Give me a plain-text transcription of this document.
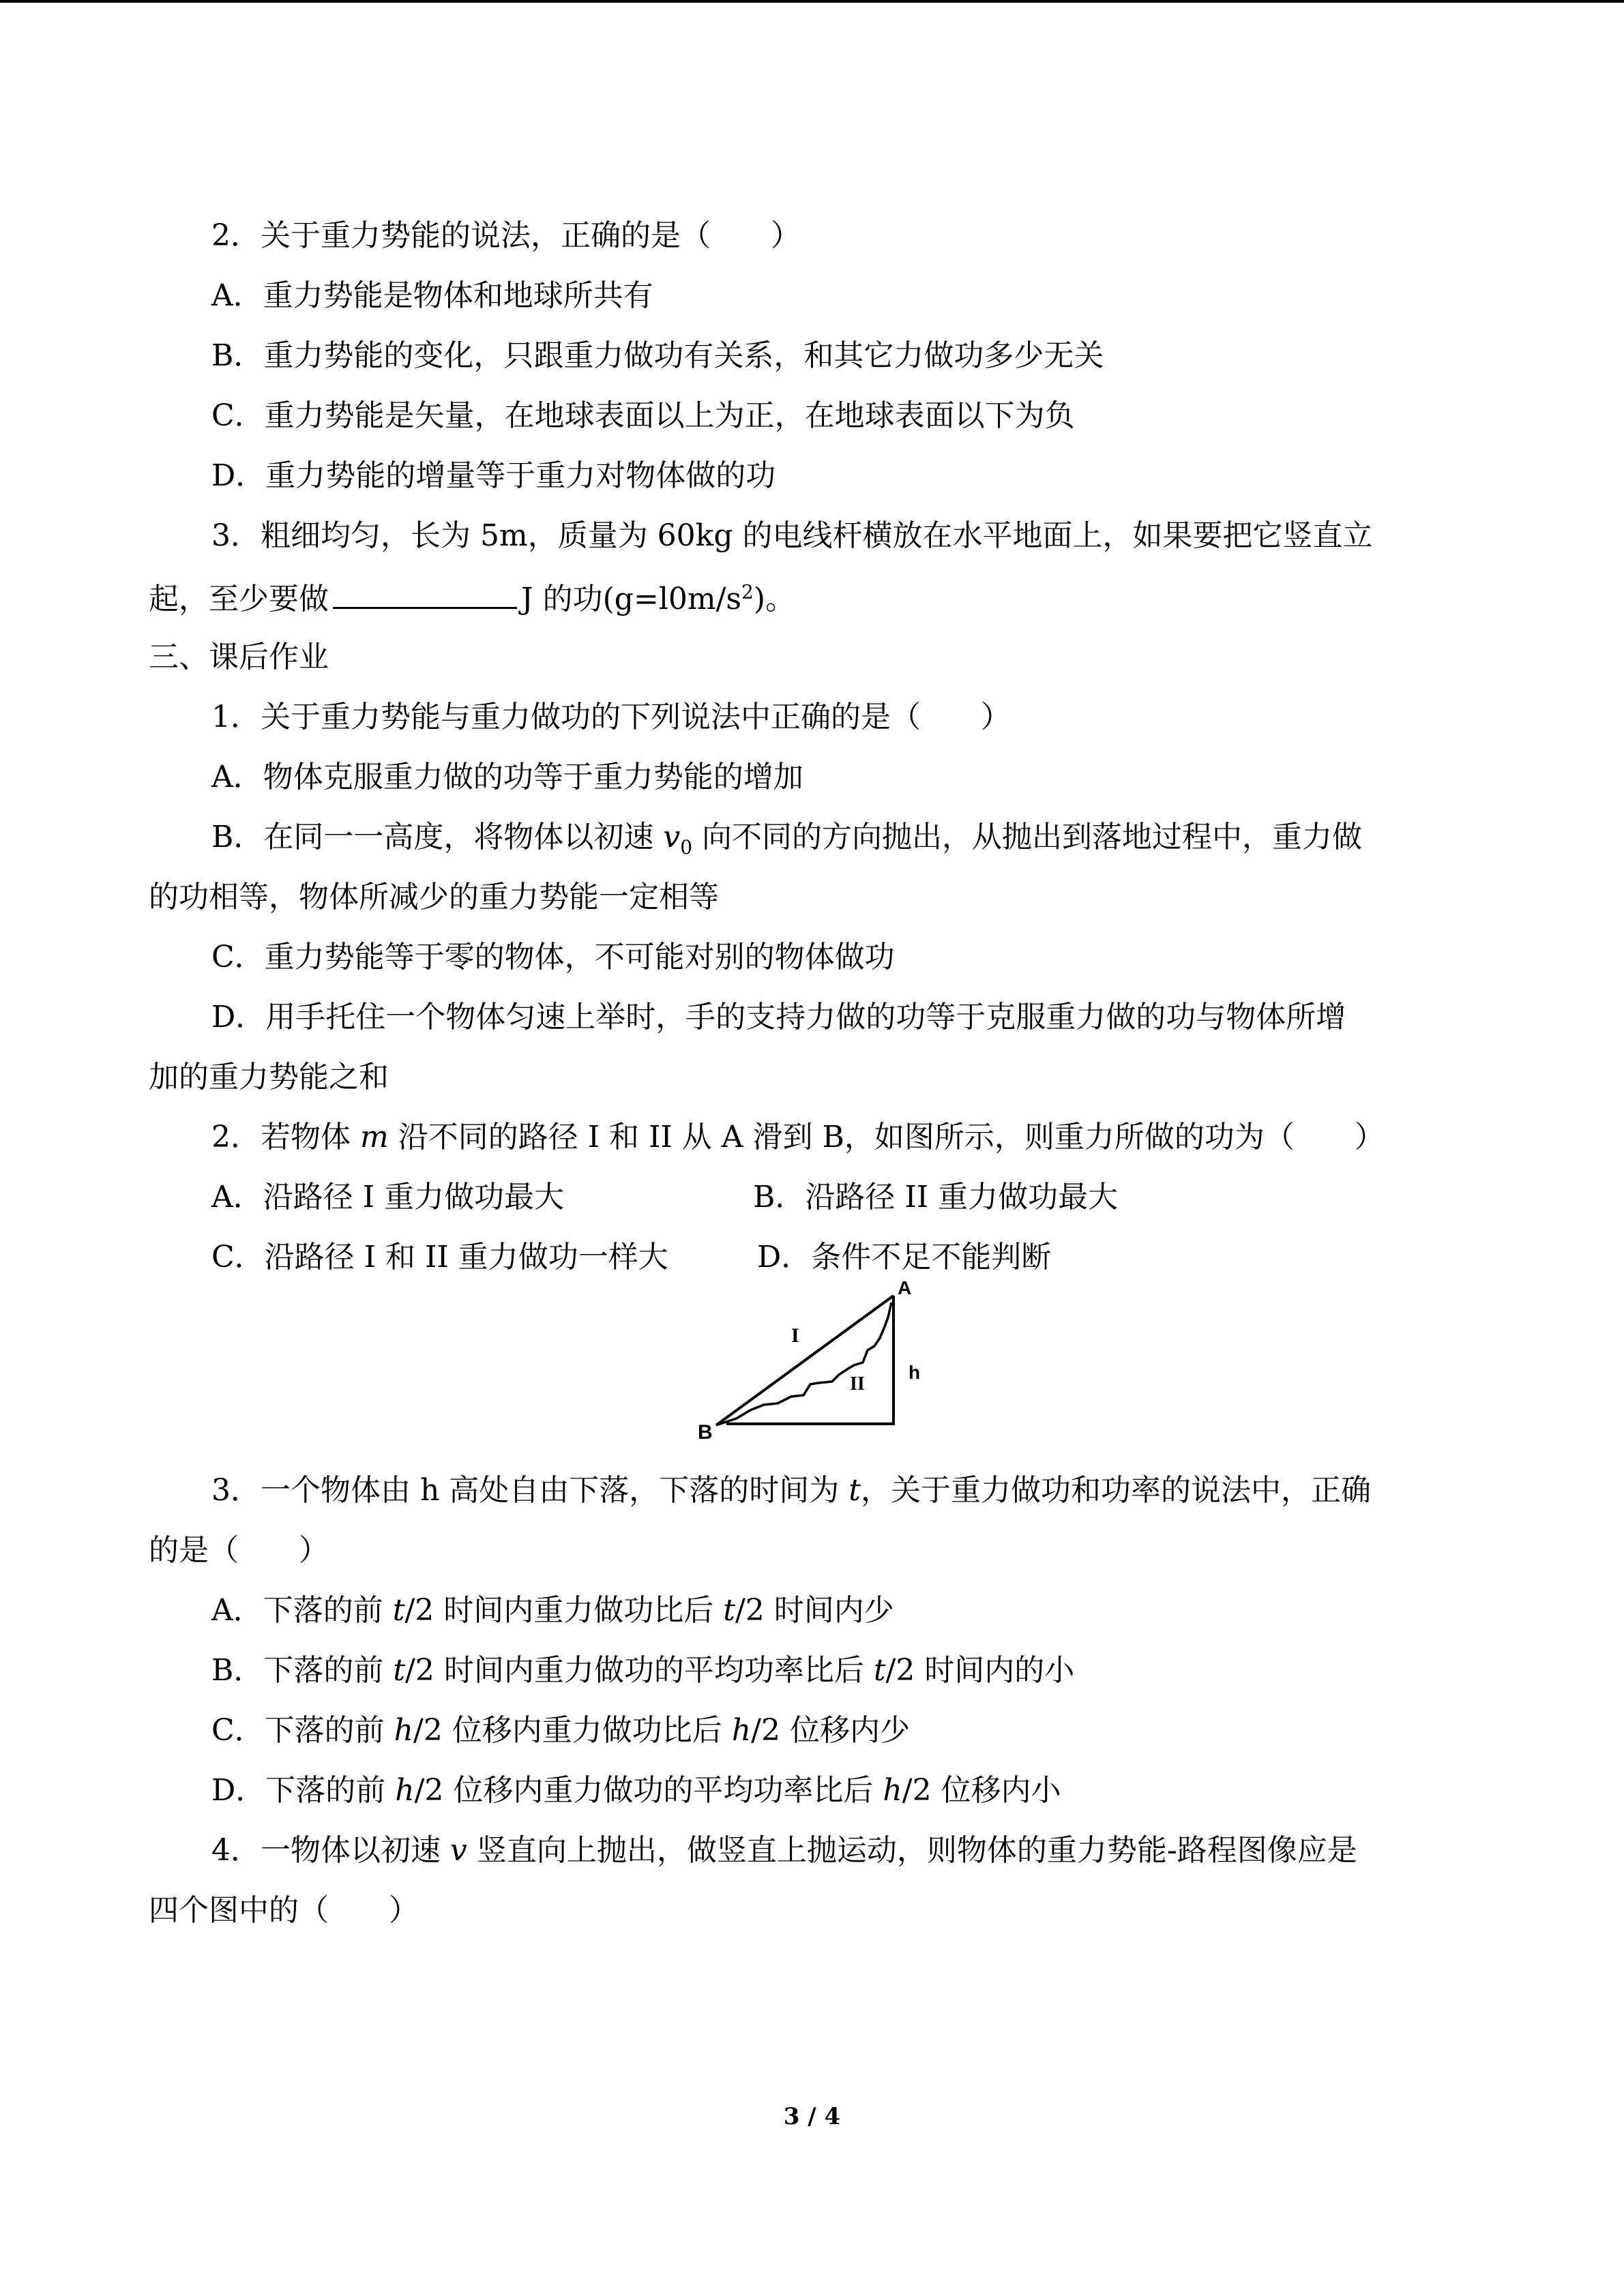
2．关于重力势能的说法，正确的是（　　）
A．重力势能是物体和地球所共有
B．重力势能的变化，只跟重力做功有关系，和其它力做功多少无关
C．重力势能是矢量，在地球表面以上为正，在地球表面以下为负
D．重力势能的增量等于重力对物体做的功
3．粗细均匀，长为 5m，质量为 60kg 的电线杆横放在水平地面上，如果要把它竖直立
起，至少要做	J 的功$(g=l0m/s^2)$。
三、课后作业
1．关于重力势能与重力做功的下列说法中正确的是（　　）
A．物体克服重力做的功等于重力势能的增加
B．在同一一高度，将物体以初速 $v_0$ 向不同的方向抛出，从抛出到落地过程中，重力做
的功相等，物体所减少的重力势能一定相等
C．重力势能等于零的物体，不可能对别的物体做功
D．用手托住一个物体匀速上举时，手的支持力做的功等于克服重力做的功与物体所增
加的重力势能之和
2．若物体 m 沿不同的路径 I 和 II 从 A 滑到 B，如图所示，则重力所做的功为（　　）
A．沿路径 I 重力做功最大	B．沿路径 II 重力做功最大
C．沿路径 I 和 II 重力做功一样大	D．条件不足不能判断
B
A
I
II
h
3．一个物体由 h 高处自由下落，下落的时间为 t，关于重力做功和功率的说法中，正确
的是（　　）
A．下落的前 t/2 时间内重力做功比后 t/2 时间内少
B．下落的前 t/2 时间内重力做功的平均功率比后 t/2 时间内的小
C．下落的前 h/2 位移内重力做功比后 h/2 位移内少
D．下落的前 h/2 位移内重力做功的平均功率比后 h/2 位移内小
4．一物体以初速 v 竖直向上抛出，做竖直上抛运动，则物体的重力势能-路程图像应是
四个图中的（　　）
3 / 4
